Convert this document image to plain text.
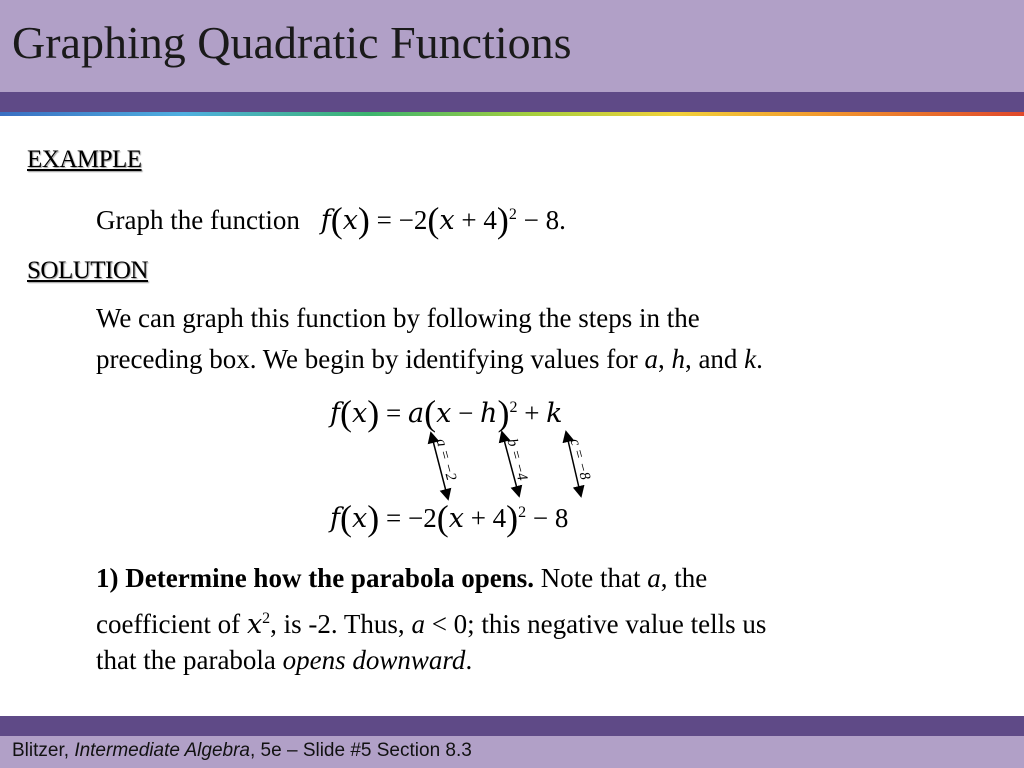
Graphing Quadratic Functions
EXAMPLE
Graph the function $f(x) = -2(x + 4)^2 - 8$.
SOLUTION
We can graph this function by following the steps in the
preceding box. We begin by identifying values for a, h, and k.
$f(x) = a(x - h)^2 + k$
a = −2	b = −4 c = −8
$f(x) = -2(x + 4)^2 - 8$
1) Determine how the parabola opens. Note that a, the
coefficient of $x^2$, is -2. Thus, a < 0; this negative value tells us
that the parabola opens downward.
Blitzer, Intermediate Algebra, 5e – Slide #5 Section 8.3
